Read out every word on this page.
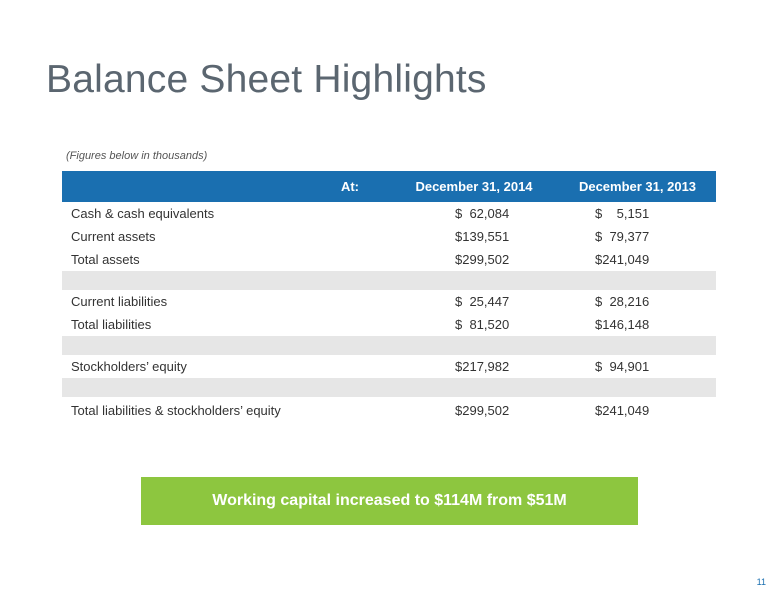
Balance Sheet Highlights
(Figures below in thousands)
At:	December 31, 2014	December 31, 2013
Cash & cash equivalents	$  62,084	$    5,151
Current assets	$139,551	$  79,377
Total assets	$299,502	$241,049

Current liabilities	$  25,447	$  28,216
Total liabilities	$  81,520	$146,148

Stockholders’ equity	$217,982	$  94,901

Total liabilities & stockholders’ equity	$299,502	$241,049
Working capital increased to $114M from $51M
11
